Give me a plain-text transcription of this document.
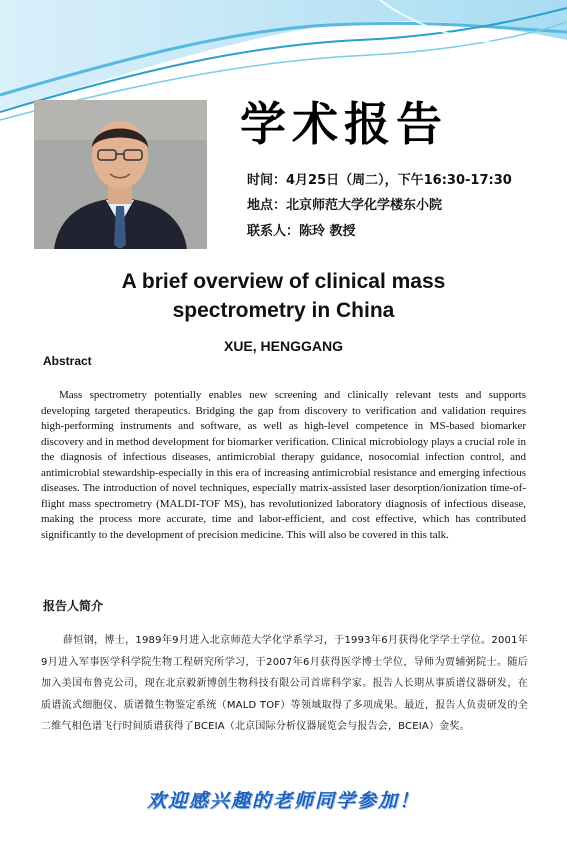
学术报告
时间：4月25日（周二），下午16:30-17:30
地点：北京师范大学化学楼东小院
联系人：陈玲 教授
A brief overview of clinical mass
spectrometry in China
XUE, HENGGANG
Abstract

Mass spectrometry potentially enables new screening and clinically relevant tests and supports developing targeted therapeutics. Bridging the gap from discovery to verification and validation requires high-performing instruments and software, as well as high-level competence in MS-based biomarker discovery and in method development for biomarker verification. Clinical microbiology plays a crucial role in the diagnosis of infectious diseases, antimicrobial therapy guidance, nosocomial infection control, and antimicrobial stewardship-especially in this era of increasing antimicrobial resistance and emerging infectious diseases. The introduction of novel techniques, especially matrix-assisted laser desorption/ionization time-of-flight mass spectrometry (MALDI-TOF MS), has revolutionized laboratory diagnosis of infectious disease, making the process more accurate, time and labor-efficient, and cost effective, which has contributed significantly to the development of precision medicine. This will also be covered in this talk.

报告人简介

薛恒钢，博士，1989年9月进入北京师范大学化学系学习，于1993年6月获得化学学士学位。2001年9月进入军事医学科学院生物工程研究所学习，于2007年6月获得医学博士学位，导师为贾辅弼院士。随后加入美国布鲁克公司，现在北京毅新博创生物科技有限公司首席科学家。报告人长期从事质谱仪器研发，在质谱流式细胞仪、质谱微生物鉴定系统（MALD TOF）等领域取得了多项成果。最近，报告人负责研发的全二维气相色谱飞行时间质谱获得了BCEIA（北京国际分析仪器展览会与报告会，BCEIA）金奖。

欢迎感兴趣的老师同学参加！
